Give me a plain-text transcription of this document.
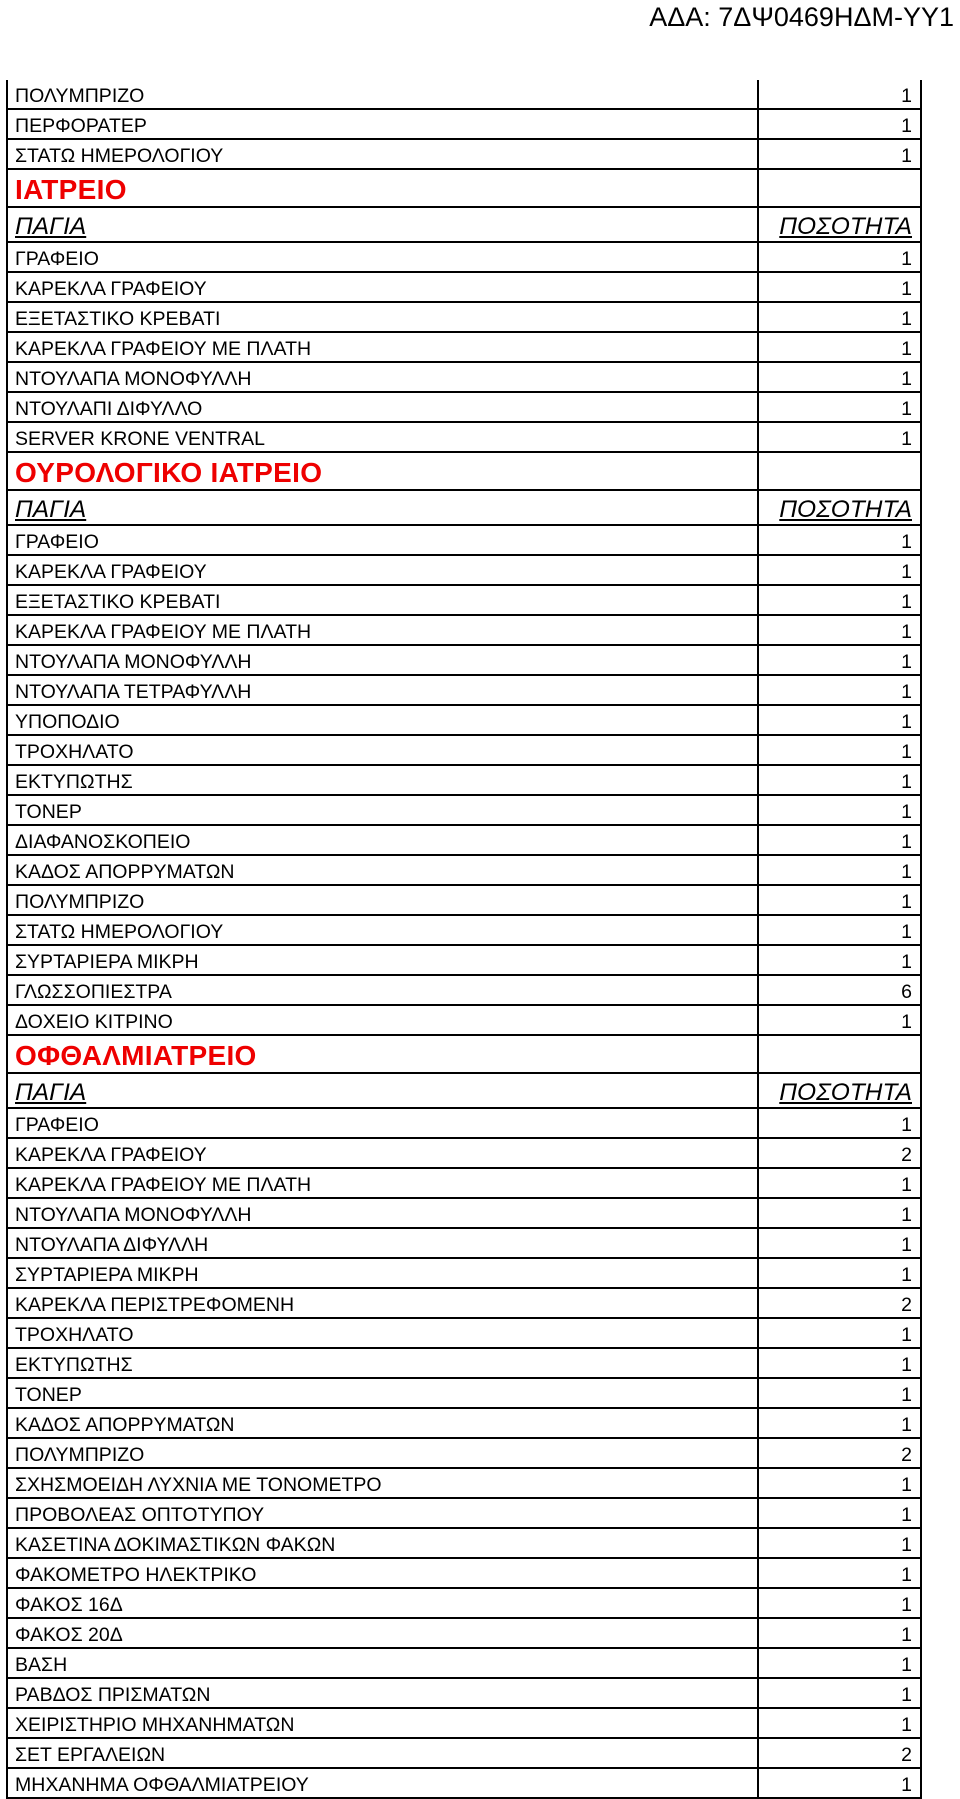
ΑΔΑ: 7ΔΨ0469ΗΔΜ-ΥΥ1
ΠΟΛΥΜΠΡΙΖΟ	1
ΠΕΡΦΟΡΑΤΕΡ	1
ΣΤΑΤΩ ΗΜΕΡΟΛΟΓΙΟΥ	1
ΙΑΤΡΕΙΟ	
ΠΑΓΙΑ	ΠΟΣΟΤΗΤΑ
ΓΡΑΦΕΙΟ	1
ΚΑΡΕΚΛΑ ΓΡΑΦΕΙΟΥ	1
ΕΞΕΤΑΣΤΙΚΟ ΚΡΕΒΑΤΙ	1
ΚΑΡΕΚΛΑ ΓΡΑΦΕΙΟΥ ΜΕ ΠΛΑΤΗ	1
ΝΤΟΥΛΑΠΑ ΜΟΝΟΦΥΛΛΗ	1
ΝΤΟΥΛΑΠΙ ΔΙΦΥΛΛΟ	1
SERVER KRONE VENTRAL	1
ΟΥΡΟΛΟΓΙΚΟ ΙΑΤΡΕΙΟ	
ΠΑΓΙΑ	ΠΟΣΟΤΗΤΑ
ΓΡΑΦΕΙΟ	1
ΚΑΡΕΚΛΑ ΓΡΑΦΕΙΟΥ	1
ΕΞΕΤΑΣΤΙΚΟ ΚΡΕΒΑΤΙ	1
ΚΑΡΕΚΛΑ ΓΡΑΦΕΙΟΥ ΜΕ ΠΛΑΤΗ	1
ΝΤΟΥΛΑΠΑ ΜΟΝΟΦΥΛΛΗ	1
ΝΤΟΥΛΑΠΑ ΤΕΤΡΑΦΥΛΛΗ	1
ΥΠΟΠΟΔΙΟ	1
ΤΡΟΧΗΛΑΤΟ	1
ΕΚΤΥΠΩΤΗΣ	1
ΤΟΝΕΡ	1
ΔΙΑΦΑΝΟΣΚΟΠΕΙΟ	1
ΚΑΔΟΣ ΑΠΟΡΡΥΜΑΤΩΝ	1
ΠΟΛΥΜΠΡΙΖΟ	1
ΣΤΑΤΩ ΗΜΕΡΟΛΟΓΙΟΥ	1
ΣΥΡΤΑΡΙΕΡΑ ΜΙΚΡΗ	1
ΓΛΩΣΣΟΠΙΕΣΤΡΑ	6
ΔΟΧΕΙΟ ΚΙΤΡΙΝΟ	1
ΟΦΘΑΛΜΙΑΤΡΕΙΟ	
ΠΑΓΙΑ	ΠΟΣΟΤΗΤΑ
ΓΡΑΦΕΙΟ	1
ΚΑΡΕΚΛΑ ΓΡΑΦΕΙΟΥ	2
ΚΑΡΕΚΛΑ ΓΡΑΦΕΙΟΥ ΜΕ ΠΛΑΤΗ	1
ΝΤΟΥΛΑΠΑ ΜΟΝΟΦΥΛΛΗ	1
ΝΤΟΥΛΑΠΑ ΔΙΦΥΛΛΗ	1
ΣΥΡΤΑΡΙΕΡΑ ΜΙΚΡΗ	1
ΚΑΡΕΚΛΑ ΠΕΡΙΣΤΡΕΦΟΜΕΝΗ	2
ΤΡΟΧΗΛΑΤΟ	1
ΕΚΤΥΠΩΤΗΣ	1
ΤΟΝΕΡ	1
ΚΑΔΟΣ ΑΠΟΡΡΥΜΑΤΩΝ	1
ΠΟΛΥΜΠΡΙΖΟ	2
ΣΧΗΣΜΟΕΙΔΗ ΛΥΧΝΙΑ ΜΕ ΤΟΝΟΜΕΤΡΟ	1
ΠΡΟΒΟΛΕΑΣ ΟΠΤΟΤΥΠΟΥ	1
ΚΑΣΕΤΙΝΑ ΔΟΚΙΜΑΣΤΙΚΩΝ ΦΑΚΩΝ	1
ΦΑΚΟΜΕΤΡΟ ΗΛΕΚΤΡΙΚΟ	1
ΦΑΚΟΣ 16Δ	1
ΦΑΚΟΣ 20Δ	1
ΒΑΣΗ	1
ΡΑΒΔΟΣ ΠΡΙΣΜΑΤΩΝ	1
ΧΕΙΡΙΣΤΗΡΙΟ ΜΗΧΑΝΗΜΑΤΩΝ	1
ΣΕΤ ΕΡΓΑΛΕΙΩΝ	2
ΜΗΧΑΝΗΜΑ ΟΦΘΑΛΜΙΑΤΡΕΙΟΥ	1
